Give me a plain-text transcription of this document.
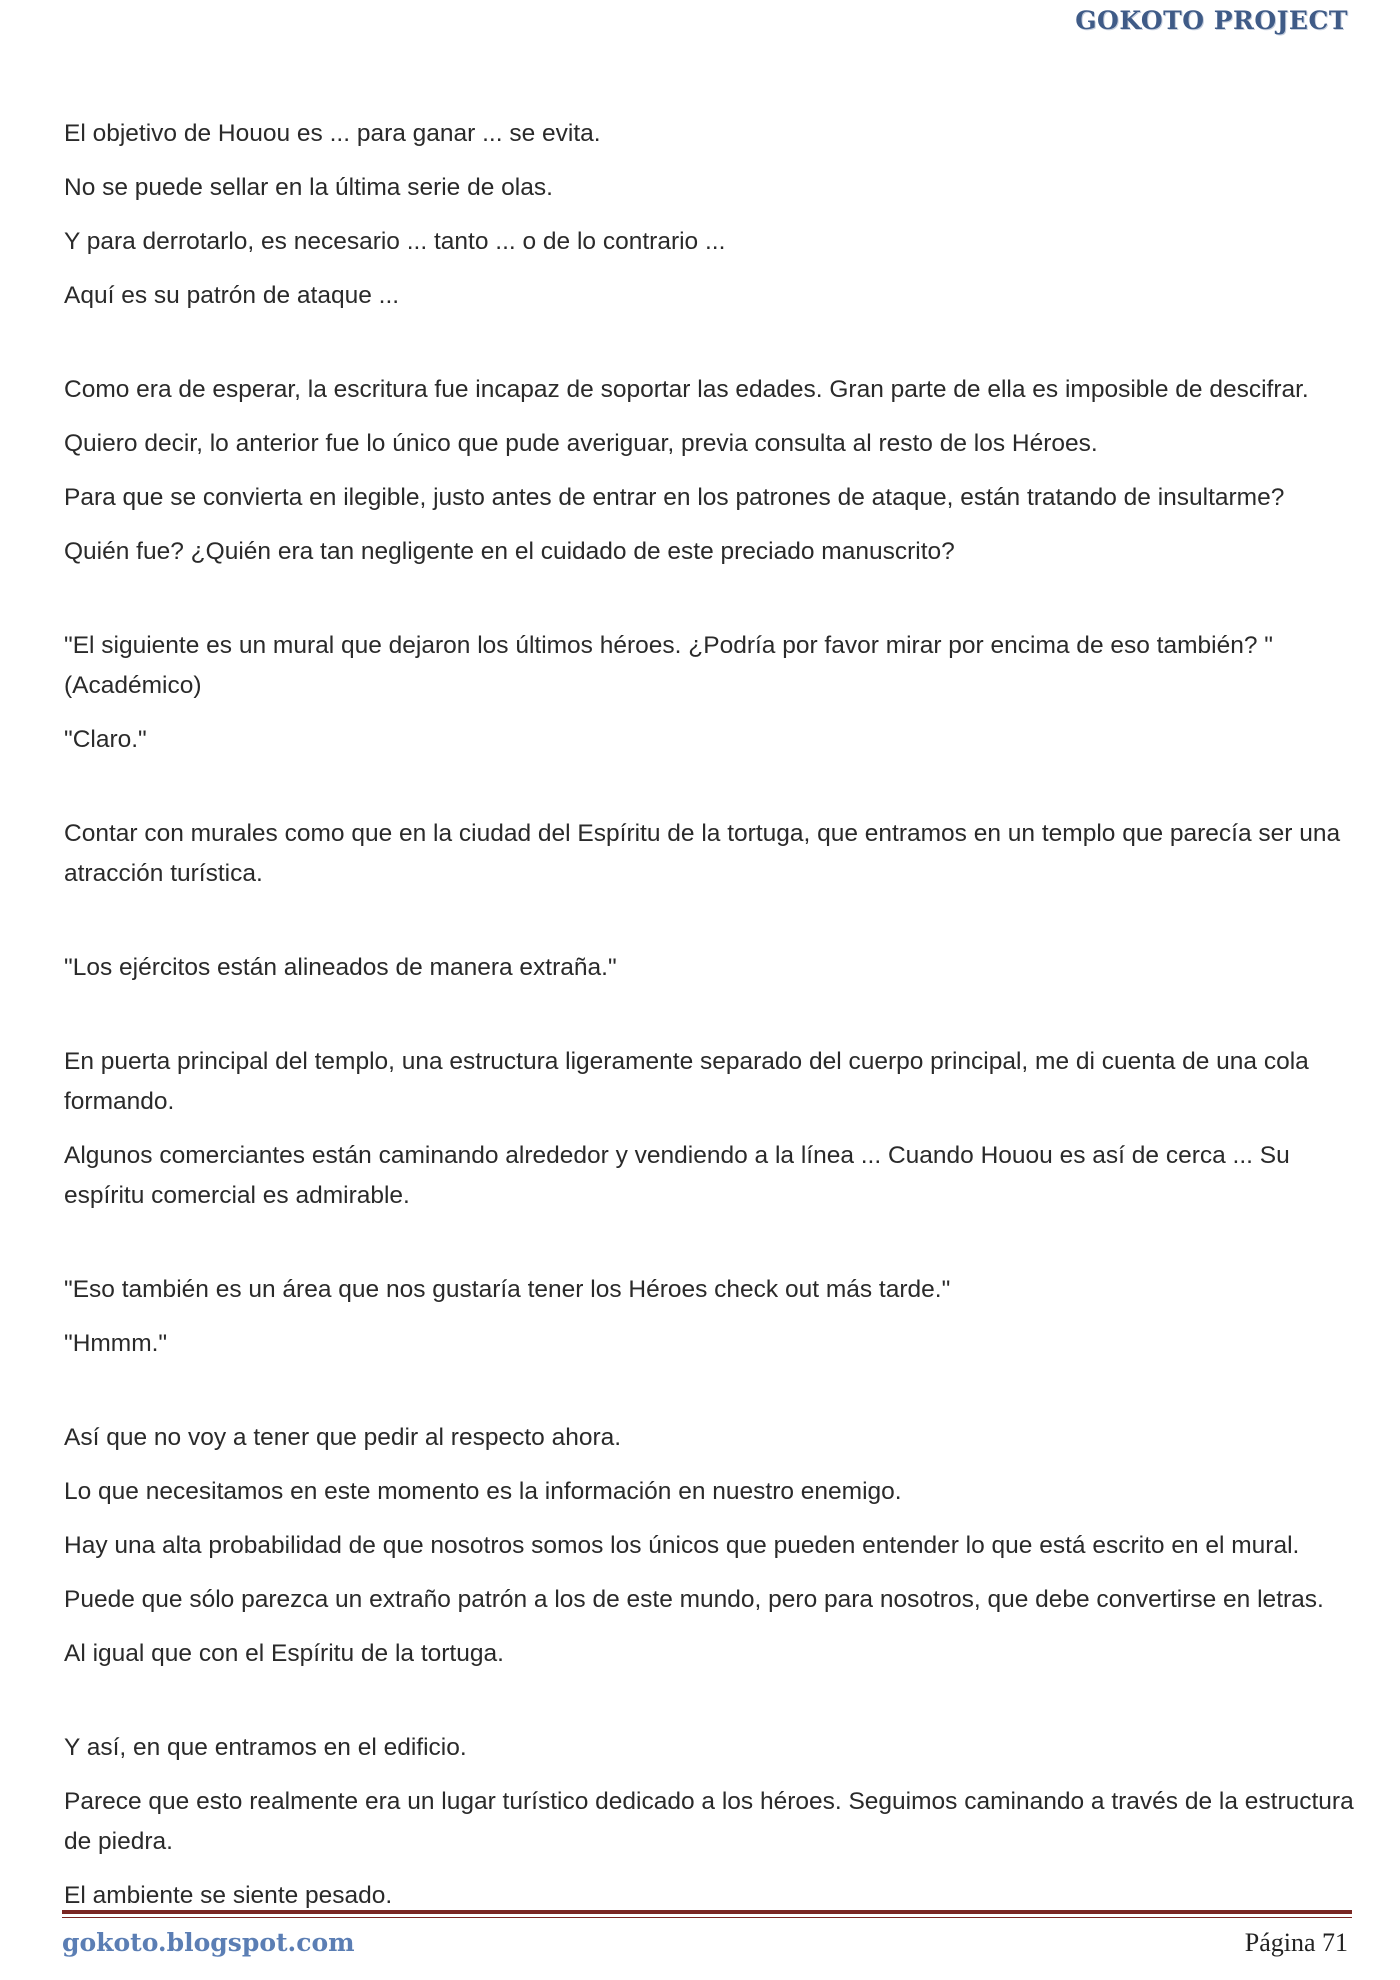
GOKOTO PROJECT

El objetivo de Houou es ... para ganar ... se evita.

No se puede sellar en la última serie de olas.

Y para derrotarlo, es necesario ... tanto ... o de lo contrario ...

Aquí es su patrón de ataque ...

Como era de esperar, la escritura fue incapaz de soportar las edades. Gran parte de ella es imposible de descifrar.

Quiero decir, lo anterior fue lo único que pude averiguar, previa consulta al resto de los Héroes.

Para que se convierta en ilegible, justo antes de entrar en los patrones de ataque, están tratando de insultarme?

Quién fue? ¿Quién era tan negligente en el cuidado de este preciado manuscrito?

"El siguiente es un mural que dejaron los últimos héroes. ¿Podría por favor mirar por encima de eso también? "(Académico)

"Claro."

Contar con murales como que en la ciudad del Espíritu de la tortuga, que entramos en un templo que parecía ser una atracción turística.

"Los ejércitos están alineados de manera extraña."

En puerta principal del templo, una estructura ligeramente separado del cuerpo principal, me di cuenta de una cola formando.

Algunos comerciantes están caminando alrededor y vendiendo a la línea ... Cuando Houou es así de cerca ... Su espíritu comercial es admirable.

"Eso también es un área que nos gustaría tener los Héroes check out más tarde."

"Hmmm."

Así que no voy a tener que pedir al respecto ahora.

Lo que necesitamos en este momento es la información en nuestro enemigo.

Hay una alta probabilidad de que nosotros somos los únicos que pueden entender lo que está escrito en el mural.

Puede que sólo parezca un extraño patrón a los de este mundo, pero para nosotros, que debe convertirse en letras.

Al igual que con el Espíritu de la tortuga.

Y así, en que entramos en el edificio.

Parece que esto realmente era un lugar turístico dedicado a los héroes. Seguimos caminando a través de la estructura de piedra.

El ambiente se siente pesado.

gokoto.blogspot.com	Página 71
